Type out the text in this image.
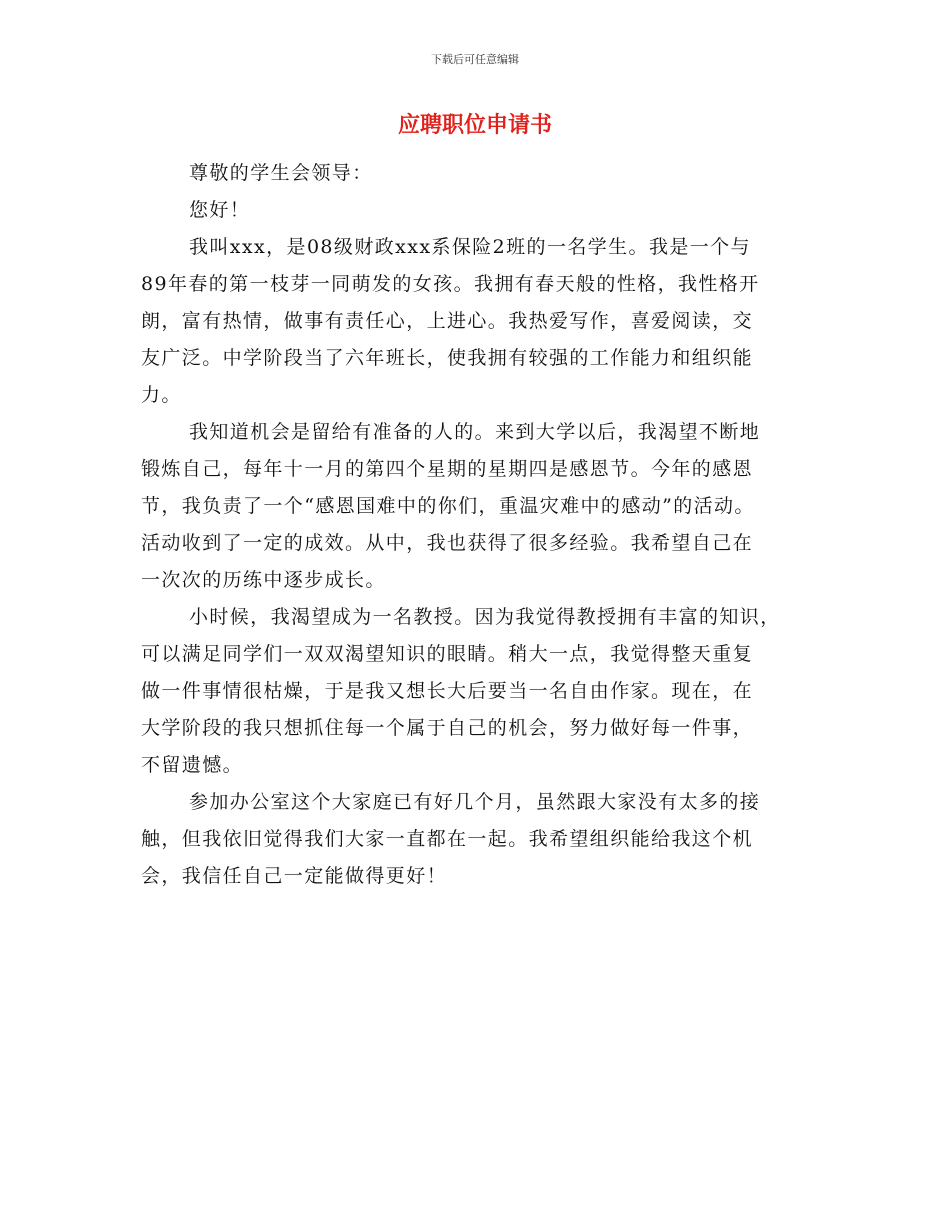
下载后可任意编辑
应聘职位申请书
尊敬的学生会领导：
您好！
我叫xxx，是08级财政xxx系保险2班的一名学生。我是一个与
89年春的第一枝芽一同萌发的女孩。我拥有春天般的性格，我性格开
朗，富有热情，做事有责任心，上进心。我热爱写作，喜爱阅读，交
友广泛。中学阶段当了六年班长，使我拥有较强的工作能力和组织能
力。
我知道机会是留给有准备的人的。来到大学以后，我渴望不断地
锻炼自己，每年十一月的第四个星期的星期四是感恩节。今年的感恩
节，我负责了一个“感恩国难中的你们，重温灾难中的感动”的活动。
活动收到了一定的成效。从中，我也获得了很多经验。我希望自己在
一次次的历练中逐步成长。
小时候，我渴望成为一名教授。因为我觉得教授拥有丰富的知识，
可以满足同学们一双双渴望知识的眼睛。稍大一点，我觉得整天重复
做一件事情很枯燥，于是我又想长大后要当一名自由作家。现在，在
大学阶段的我只想抓住每一个属于自己的机会，努力做好每一件事，
不留遗憾。
参加办公室这个大家庭已有好几个月，虽然跟大家没有太多的接
触，但我依旧觉得我们大家一直都在一起。我希望组织能给我这个机
会，我信任自己一定能做得更好！
